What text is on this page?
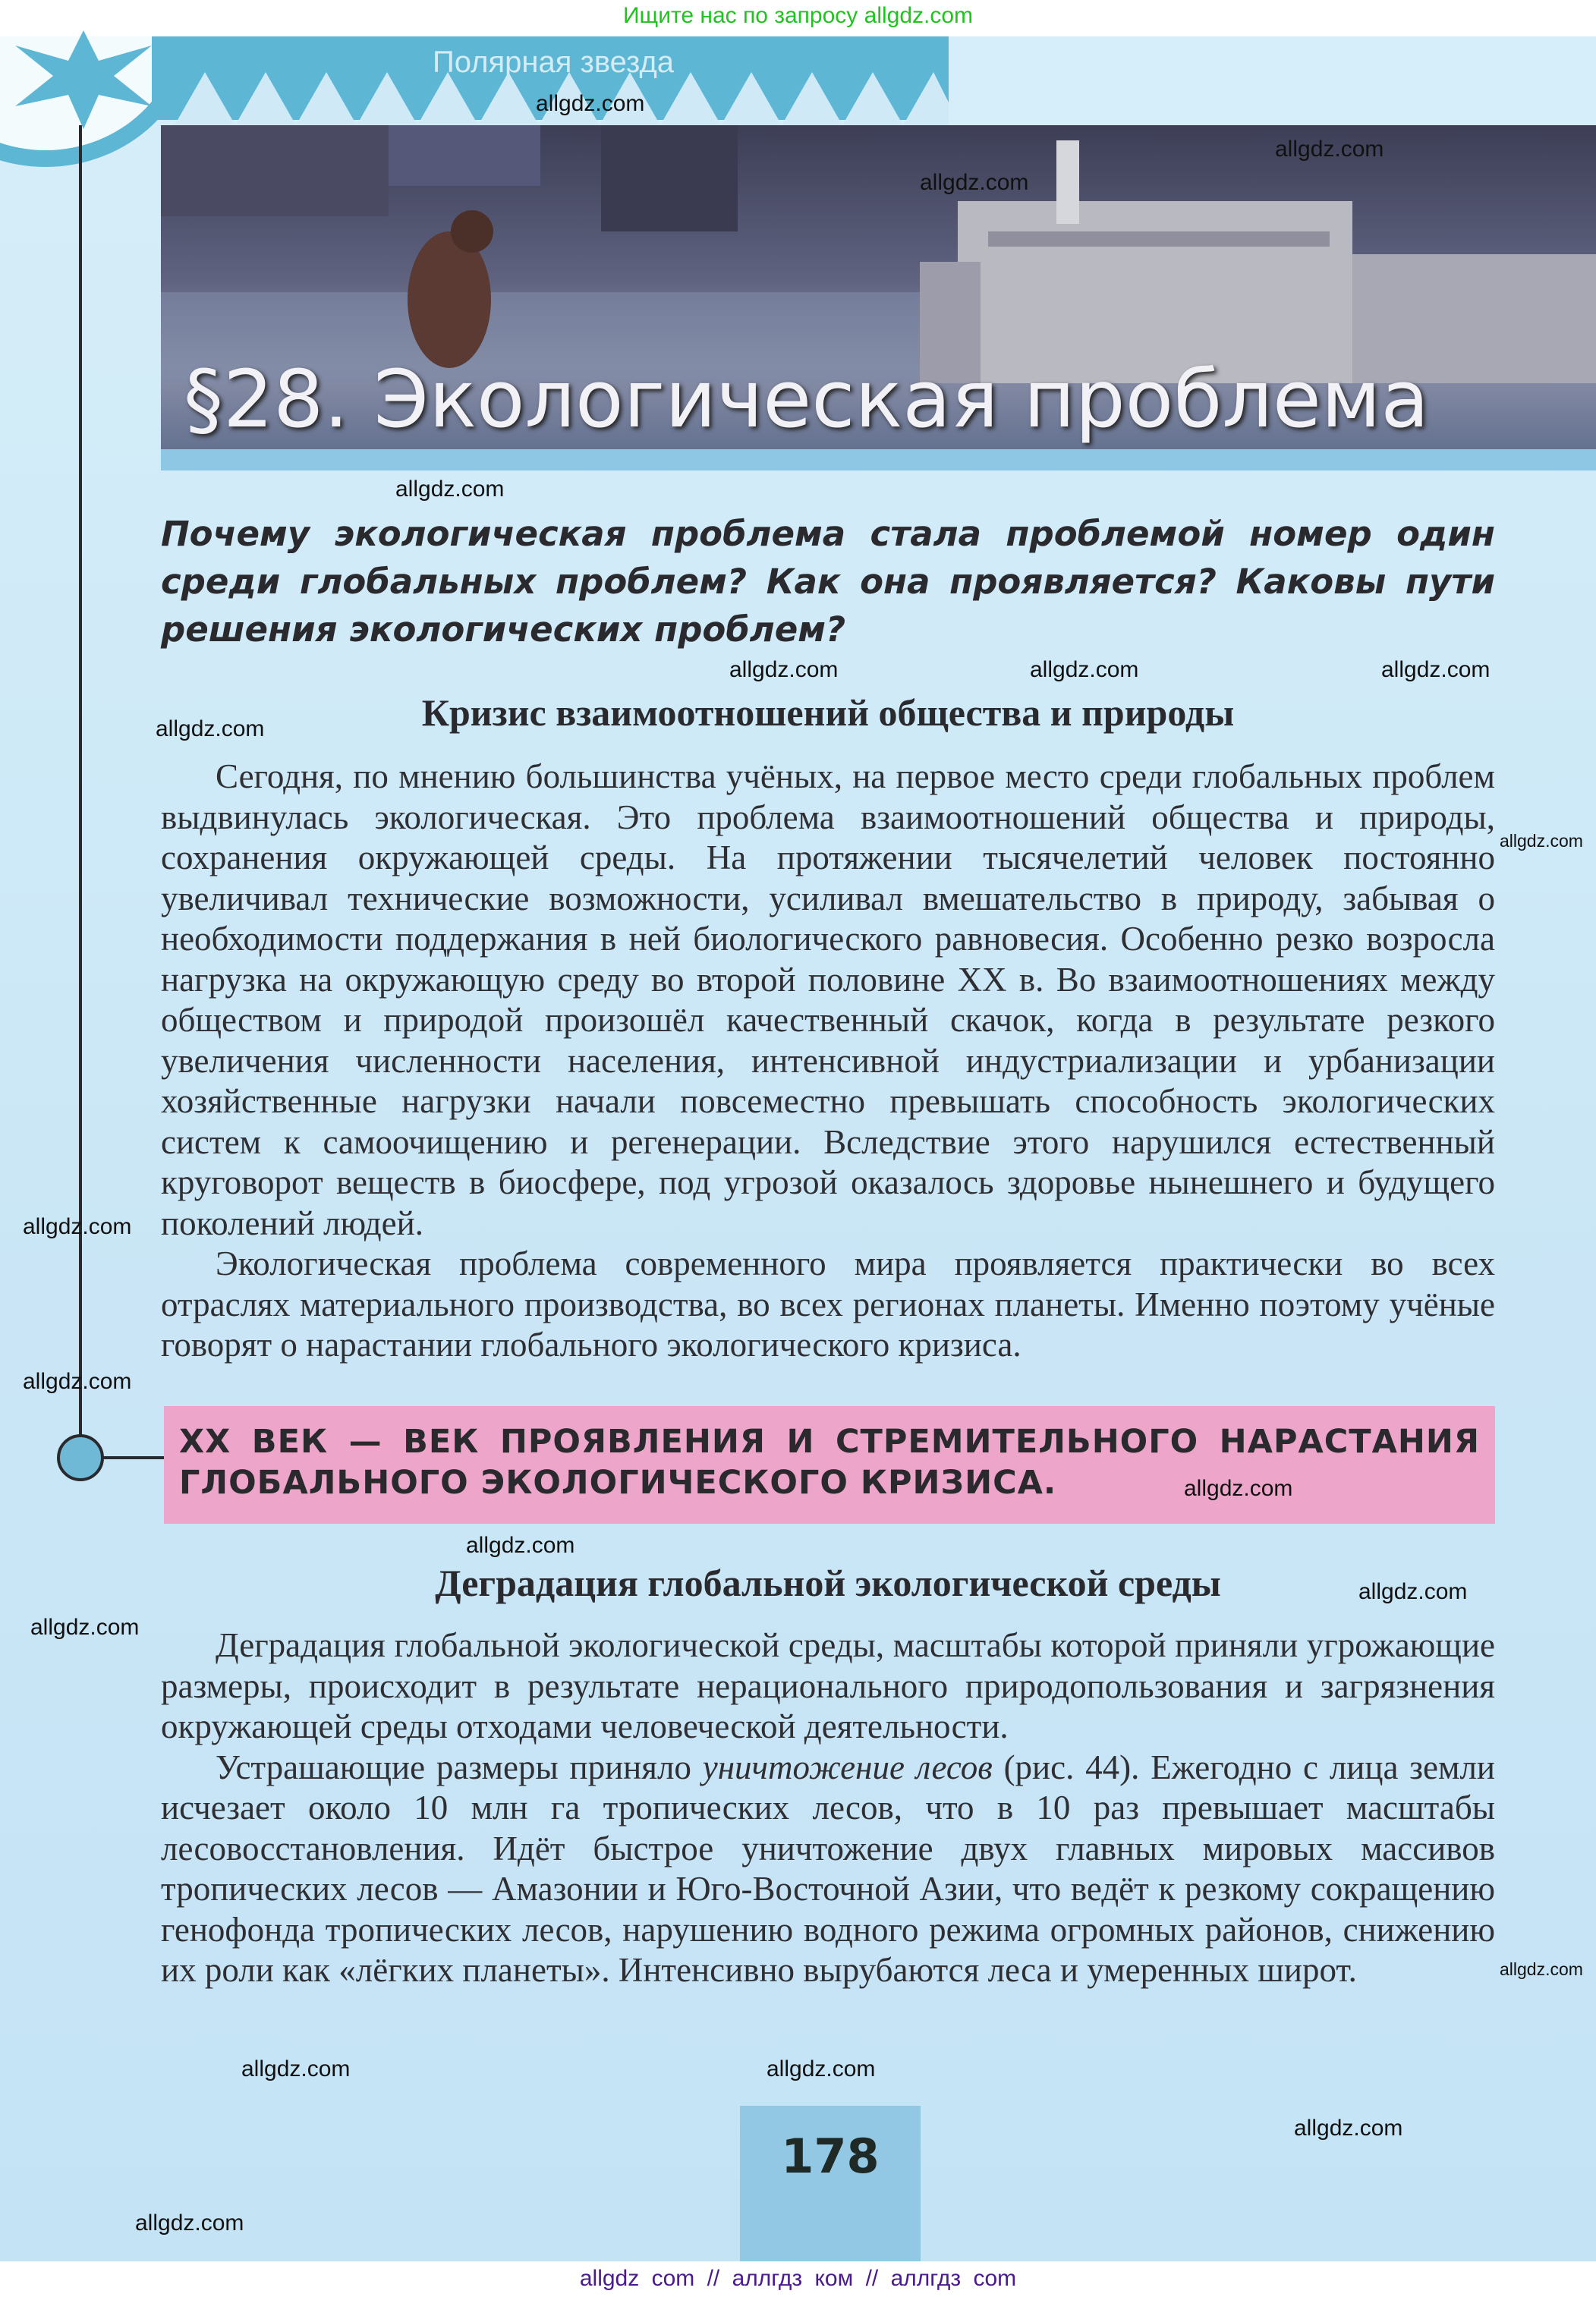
Ищите нас по запросу allgdz.com
Полярная звезда
§28. Экологическая проблема
Почему экологическая проблема стала проблемой номер один среди глобальных проблем? Как она проявляется? Каковы пути решения экологических проблем?
Кризис взаимоотношений общества и природы

Сегодня, по мнению большинства учёных, на первое место среди глобальных проблем выдвинулась экологическая. Это проблема взаимоотношений общества и природы, сохранения окружающей среды. На протяжении тысячелетий человек постоянно увеличивал технические возможности, усиливал вмешательство в природу, забывая о необходимости поддержания в ней биологического равновесия. Особенно резко возросла нагрузка на окружающую среду во второй половине XX в. Во взаимоотношениях между обществом и природой произошёл качественный скачок, когда в результате резкого увеличения численности населения, интенсивной индустриализации и урбанизации хозяйственные нагрузки начали повсеместно превышать способность экологических систем к самоочищению и регенерации. Вследствие этого нарушился естественный круговорот веществ в биосфере, под угрозой оказалось здоровье нынешнего и будущего поколений людей.

Экологическая проблема современного мира проявляется практически во всех отраслях материального производства, во всех регионах планеты. Именно поэтому учёные говорят о нарастании глобального экологического кризиса.

XX ВЕК — ВЕК ПРОЯВЛЕНИЯ И СТРЕМИТЕЛЬНОГО НАРАСТАНИЯ ГЛОБАЛЬНОГО ЭКОЛОГИЧЕСКОГО КРИЗИСА.
Деградация глобальной экологической среды

Деградация глобальной экологической среды, масштабы которой приняли угрожающие размеры, происходит в результате нерационального природопользования и загрязнения окружающей среды отходами человеческой деятельности.

Устрашающие размеры приняло уничтожение лесов (рис. 44). Ежегодно с лица земли исчезает около 10 млн га тропических лесов, что в 10 раз превышает масштабы лесовосстановления. Идёт быстрое уничтожение двух главных мировых массивов тропических лесов — Амазонии и Юго-Восточной Азии, что ведёт к резкому сокращению генофонда тропических лесов, нарушению водного режима огромных районов, снижению их роли как «лёгких планеты». Интенсивно вырубаются леса и умеренных широт.

178
allgdz.com
allgdz.com
allgdz.com
allgdz.com
allgdz.com
allgdz.com	allgdz.com
allgdz.com
allgdz.com
allgdz.com
allgdz.com
allgdz.com
allgdz.com
allgdz.com
allgdz.com
allgdz.com
allgdz.com
allgdz.com
allgdz.com
allgdz.com
allgdz com // аллгдз ком // аллгдз com
